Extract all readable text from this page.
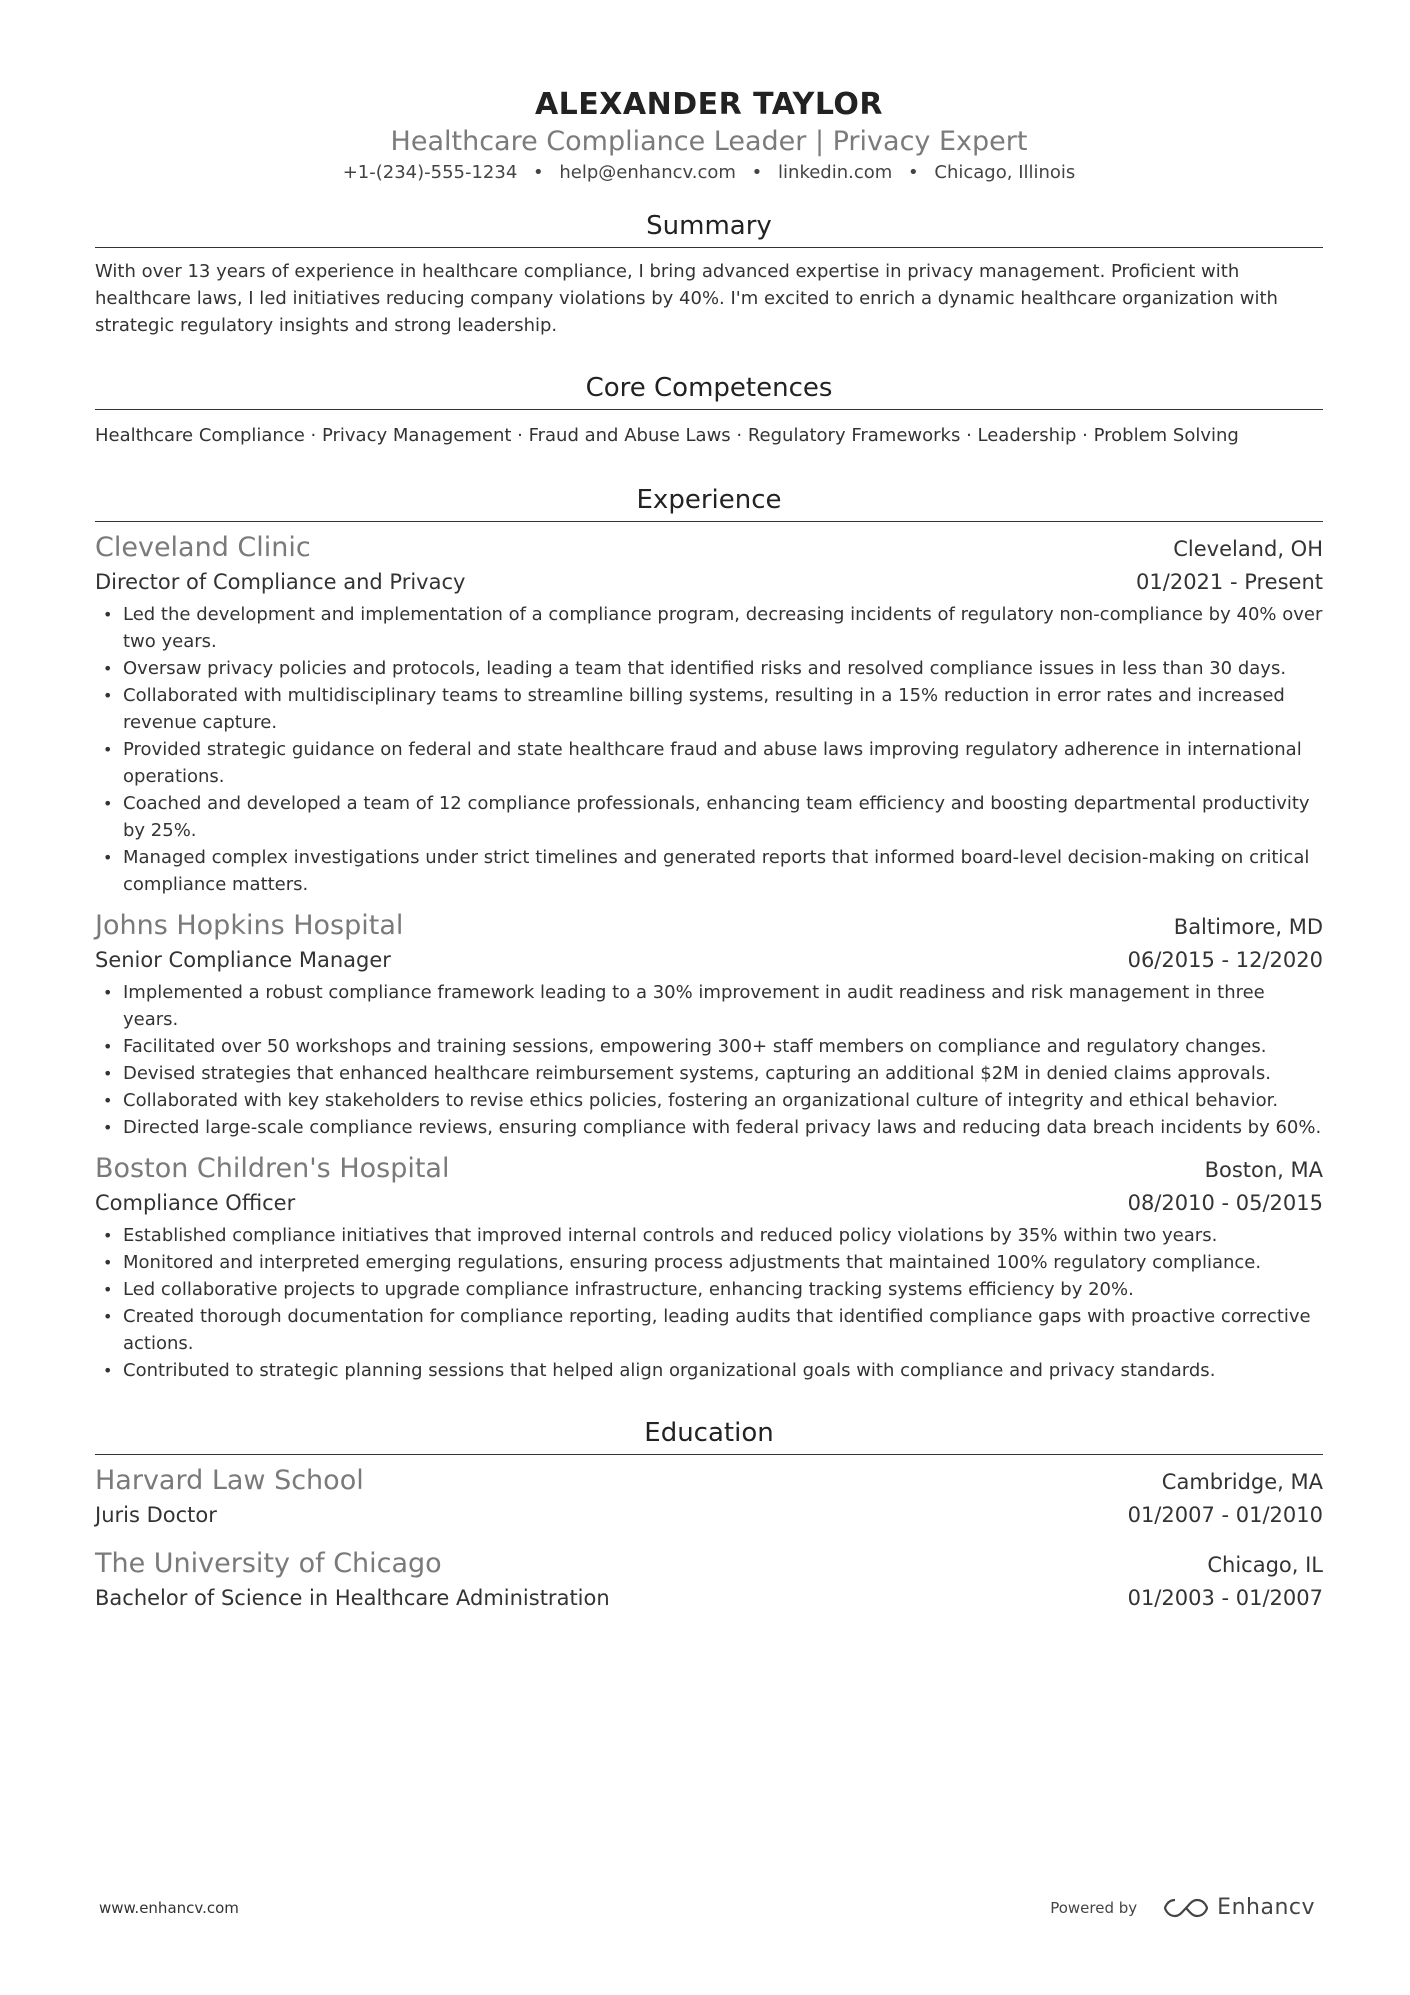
ALEXANDER TAYLOR
Healthcare Compliance Leader | Privacy Expert
+1-(234)-555-1234 • help@enhancv.com • linkedin.com • Chicago, Illinois
Summary
With over 13 years of experience in healthcare compliance, I bring advanced expertise in privacy management. Proficient with healthcare laws, I led initiatives reducing company violations by 40%. I'm excited to enrich a dynamic healthcare organization with strategic regulatory insights and strong leadership.
Core Competences
Healthcare Compliance · Privacy Management · Fraud and Abuse Laws · Regulatory Frameworks · Leadership · Problem Solving
Experience
Cleveland Clinic	Cleveland, OH
Director of Compliance and Privacy	01/2021 - Present
• Led the development and implementation of a compliance program, decreasing incidents of regulatory non-compliance by 40% over two years.
• Oversaw privacy policies and protocols, leading a team that identified risks and resolved compliance issues in less than 30 days.
• Collaborated with multidisciplinary teams to streamline billing systems, resulting in a 15% reduction in error rates and increased revenue capture.
• Provided strategic guidance on federal and state healthcare fraud and abuse laws improving regulatory adherence in international operations.
• Coached and developed a team of 12 compliance professionals, enhancing team efficiency and boosting departmental productivity by 25%.
• Managed complex investigations under strict timelines and generated reports that informed board-level decision-making on critical compliance matters.
Johns Hopkins Hospital	Baltimore, MD
Senior Compliance Manager	06/2015 - 12/2020
• Implemented a robust compliance framework leading to a 30% improvement in audit readiness and risk management in three years.
• Facilitated over 50 workshops and training sessions, empowering 300+ staff members on compliance and regulatory changes.
• Devised strategies that enhanced healthcare reimbursement systems, capturing an additional $2M in denied claims approvals.
• Collaborated with key stakeholders to revise ethics policies, fostering an organizational culture of integrity and ethical behavior.
• Directed large-scale compliance reviews, ensuring compliance with federal privacy laws and reducing data breach incidents by 60%.
Boston Children's Hospital	Boston, MA
Compliance Officer	08/2010 - 05/2015
• Established compliance initiatives that improved internal controls and reduced policy violations by 35% within two years.
• Monitored and interpreted emerging regulations, ensuring process adjustments that maintained 100% regulatory compliance.
• Led collaborative projects to upgrade compliance infrastructure, enhancing tracking systems efficiency by 20%.
• Created thorough documentation for compliance reporting, leading audits that identified compliance gaps with proactive corrective actions.
• Contributed to strategic planning sessions that helped align organizational goals with compliance and privacy standards.
Education
Harvard Law School	Cambridge, MA
Juris Doctor	01/2007 - 01/2010
The University of Chicago	Chicago, IL
Bachelor of Science in Healthcare Administration	01/2003 - 01/2007
www.enhancv.com	Powered by	Enhancv
